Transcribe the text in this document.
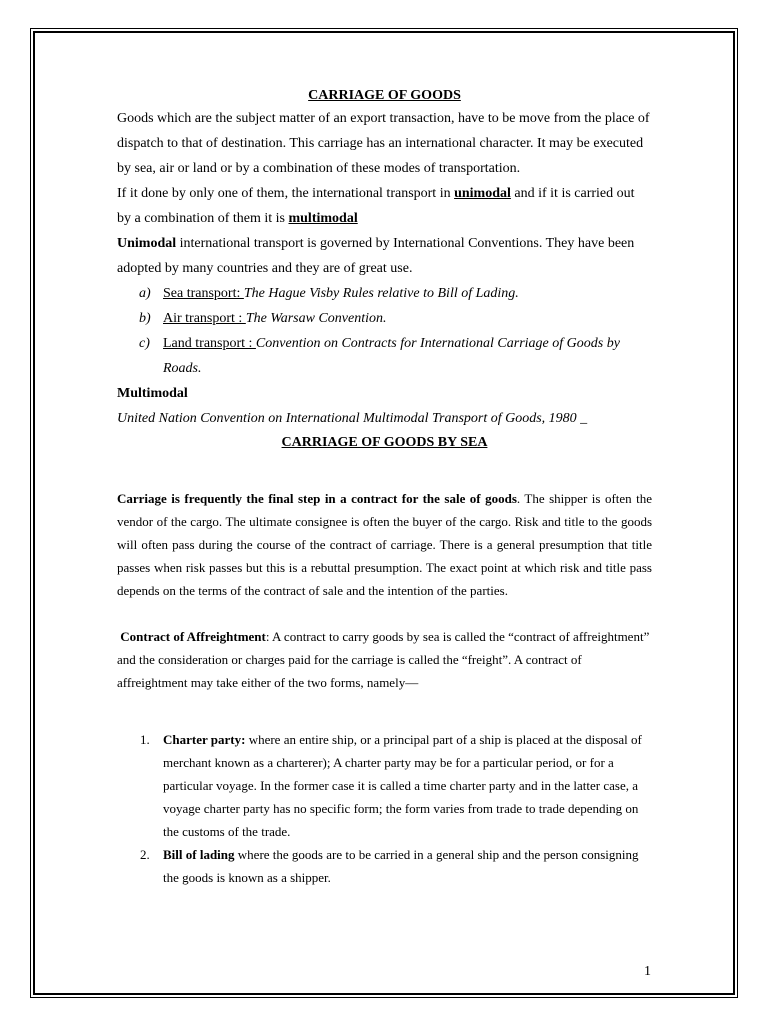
CARRIAGE OF GOODS

Goods which are the subject matter of an export transaction, have to be move from the place of dispatch to that of destination. This carriage has an international character. It may be executed by sea, air or land or by a combination of these modes of transportation.

If it done by only one of them, the international transport in unimodal and if it is carried out by a combination of them it is multimodal

Unimodal international transport is governed by International Conventions. They have been adopted by many countries and they are of great use.

a) Sea transport: The Hague Visby Rules relative to Bill of Lading.
b) Air transport : The Warsaw Convention.
c) Land transport : Convention on Contracts for International Carriage of Goods by Roads.

Multimodal

United Nation Convention on International Multimodal Transport of Goods, 1980 _

CARRIAGE OF GOODS BY SEA

Carriage is frequently the final step in a contract for the sale of goods. The shipper is often the vendor of the cargo. The ultimate consignee is often the buyer of the cargo. Risk and title to the goods will often pass during the course of the contract of carriage. There is a general presumption that title passes when risk passes but this is a rebuttal presumption. The exact point at which risk and title pass depends on the terms of the contract of sale and the intention of the parties.

Contract of Affreightment: A contract to carry goods by sea is called the “contract of affreightment” and the consideration or charges paid for the carriage is called the “freight”. A contract of affreightment may take either of the two forms, namely—

1. Charter party: where an entire ship, or a principal part of a ship is placed at the disposal of merchant known as a charterer); A charter party may be for a particular period, or for a particular voyage. In the former case it is called a time charter party and in the latter case, a voyage charter party has no specific form; the form varies from trade to trade depending on the customs of the trade.
2. Bill of lading where the goods are to be carried in a general ship and the person consigning the goods is known as a shipper.
1
